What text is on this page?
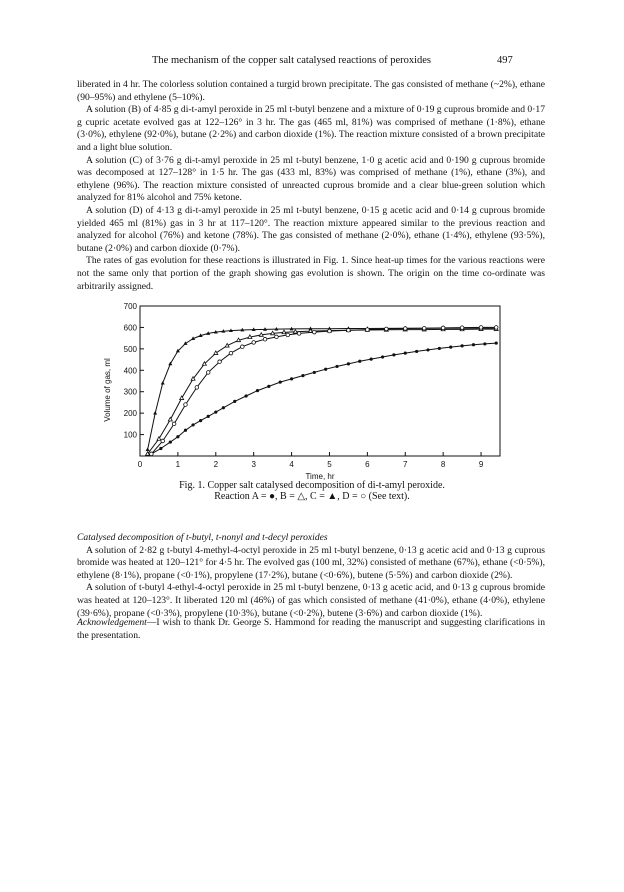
The mechanism of the copper salt catalysed reactions of peroxides	497

liberated in 4 hr. The colorless solution contained a turgid brown precipitate. The gas consisted of methane (~2%), ethane (90–95%) and ethylene (5–10%).

A solution (B) of 4·85 g di-t-amyl peroxide in 25 ml t-butyl benzene and a mixture of 0·19 g cuprous bromide and 0·17 g cupric acetate evolved gas at 122–126° in 3 hr. The gas (465 ml, 81%) was comprised of methane (1·8%), ethane (3·0%), ethylene (92·0%), butane (2·2%) and carbon dioxide (1%). The reaction mixture consisted of a brown precipitate and a light blue solution.

A solution (C) of 3·76 g di-t-amyl peroxide in 25 ml t-butyl benzene, 1·0 g acetic acid and 0·190 g cuprous bromide was decomposed at 127–128° in 1·5 hr. The gas (433 ml, 83%) was comprised of methane (1%), ethane (3%), and ethylene (96%). The reaction mixture consisted of unreacted cuprous bromide and a clear blue-green solution which analyzed for 81% alcohol and 75% ketone.

A solution (D) of 4·13 g di-t-amyl peroxide in 25 ml t-butyl benzene, 0·15 g acetic acid and 0·14 g cuprous bromide yielded 465 ml (81%) gas in 3 hr at 117–120°. The reaction mixture appeared similar to the previous reaction and analyzed for alcohol (76%) and ketone (78%). The gas consisted of methane (2·0%), ethane (1·4%), ethylene (93·5%), butane (2·0%) and carbon dioxide (0·7%).

The rates of gas evolution for these reactions is illustrated in Fig. 1. Since heat-up times for the various reactions were not the same only that portion of the graph showing gas evolution is shown. The origin on the time co-ordinate was arbitrarily assigned.

100
200
300
400
500
600
700
0	1	2	3	4	5	6	7	8	9
Time, hr
Volume of gas, ml
Fig. 1. Copper salt catalysed decomposition of di-t-amyl peroxide.
Reaction A = ●, B = △, C = ▲, D = ○ (See text).

Catalysed decomposition of t-butyl, t-nonyl and t-decyl peroxides

A solution of 2·82 g t-butyl 4-methyl-4-octyl peroxide in 25 ml t-butyl benzene, 0·13 g acetic acid and 0·13 g cuprous bromide was heated at 120–121° for 4·5 hr. The evolved gas (100 ml, 32%) consisted of methane (67%), ethane (<0·5%), ethylene (8·1%), propane (<0·1%), propylene (17·2%), butane (<0·6%), butene (5·5%) and carbon dioxide (2%).

A solution of t-butyl 4-ethyl-4-octyl peroxide in 25 ml t-butyl benzene, 0·13 g acetic acid, and 0·13 g cuprous bromide was heated at 120–123°. It liberated 120 ml (46%) of gas which consisted of methane (41·0%), ethane (4·0%), ethylene (39·6%), propane (<0·3%), propylene (10·3%), butane (<0·2%), butene (3·6%) and carbon dioxide (1%).

Acknowledgement—I wish to thank Dr. George S. Hammond for reading the manuscript and suggesting clarifications in the presentation.
